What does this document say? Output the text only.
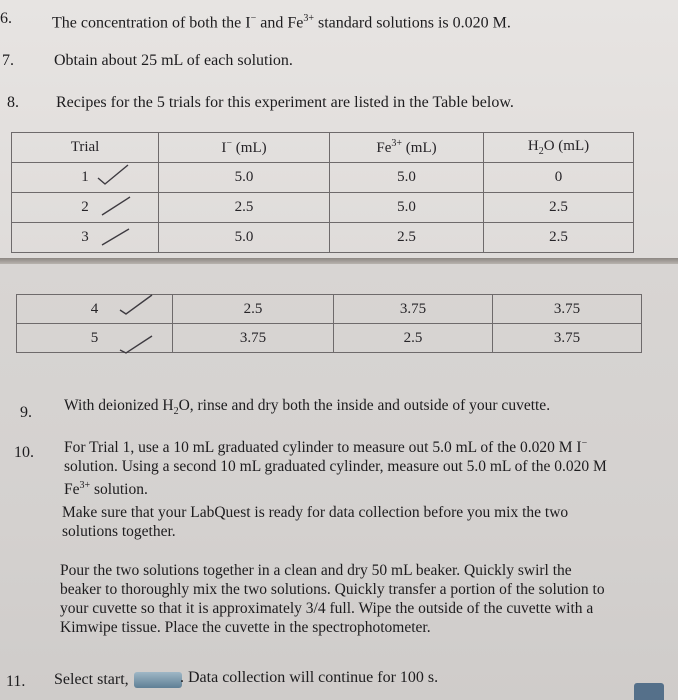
6.	The concentration of both the I− and $Fe^{3+}$ standard solutions is 0.020 M.
7.	Obtain about 25 mL of each solution.
8. Recipes for the 5 trials for this experiment are listed in the Table below.
Trial	I− (mL)	$Fe^{3+}$ (mL)	$H_2O$ (mL)
1	5.0	5.0	0
2	2.5	5.0	2.5
3	5.0	2.5	2.5
4	2.5	3.75	3.75
5	3.75	2.5	3.75
9. With deionized $H_2O$, rinse and dry both the inside and outside of your cuvette.
10. For Trial 1, use a 10 mL graduated cylinder to measure out 5.0 mL of the 0.020 M I−
solution. Using a second 10 mL graduated cylinder, measure out 5.0 mL of the 0.020 M
$Fe^{3+}$ solution.
Make sure that your LabQuest is ready for data collection before you mix the two
solutions together.
Pour the two solutions together in a clean and dry 50 mL beaker. Quickly swirl the
beaker to thoroughly mix the two solutions. Quickly transfer a portion of the solution to
your cuvette so that it is approximately 3/4 full. Wipe the outside of the cuvette with a
Kimwipe tissue. Place the cuvette in the spectrophotometer.
11. Select start,	. Data collection will continue for 100 s.
